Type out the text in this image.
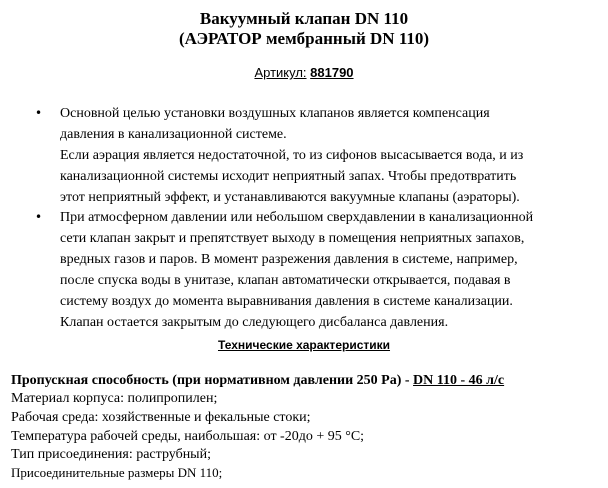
Вакуумный клапан DN 110
(АЭРАТОР мембранный DN 110)
Артикул: 881790
• Основной целью установки воздушных клапанов является компенсация
давления в канализационной системе.
Если аэрация является недостаточной, то из сифонов высасывается вода, и из
канализационной системы исходит неприятный запах. Чтобы предотвратить
этот неприятный эффект, и устанавливаются вакуумные клапаны (аэраторы).
• При атмосферном давлении или небольшом сверхдавлении в канализационной
сети клапан закрыт и препятствует выходу в помещения неприятных запахов,
вредных газов и паров. В момент разрежения давления в системе, например,
после спуска воды в унитазе, клапан автоматически открывается, подавая в
систему воздух до момента выравнивания давления в системе канализации.
Клапан остается закрытым до следующего дисбаланса давления.
Технические характеристики
Пропускная способность (при нормативном давлении 250 Ра) - DN 110 - 46 л/с
Материал корпуса: полипропилен;
Рабочая среда: хозяйственные и фекальные стоки;
Температура рабочей среды, наибольшая: от -20до + 95 °C;
Тип присоединения: раструбный;
Присоединительные размеры DN 110;
